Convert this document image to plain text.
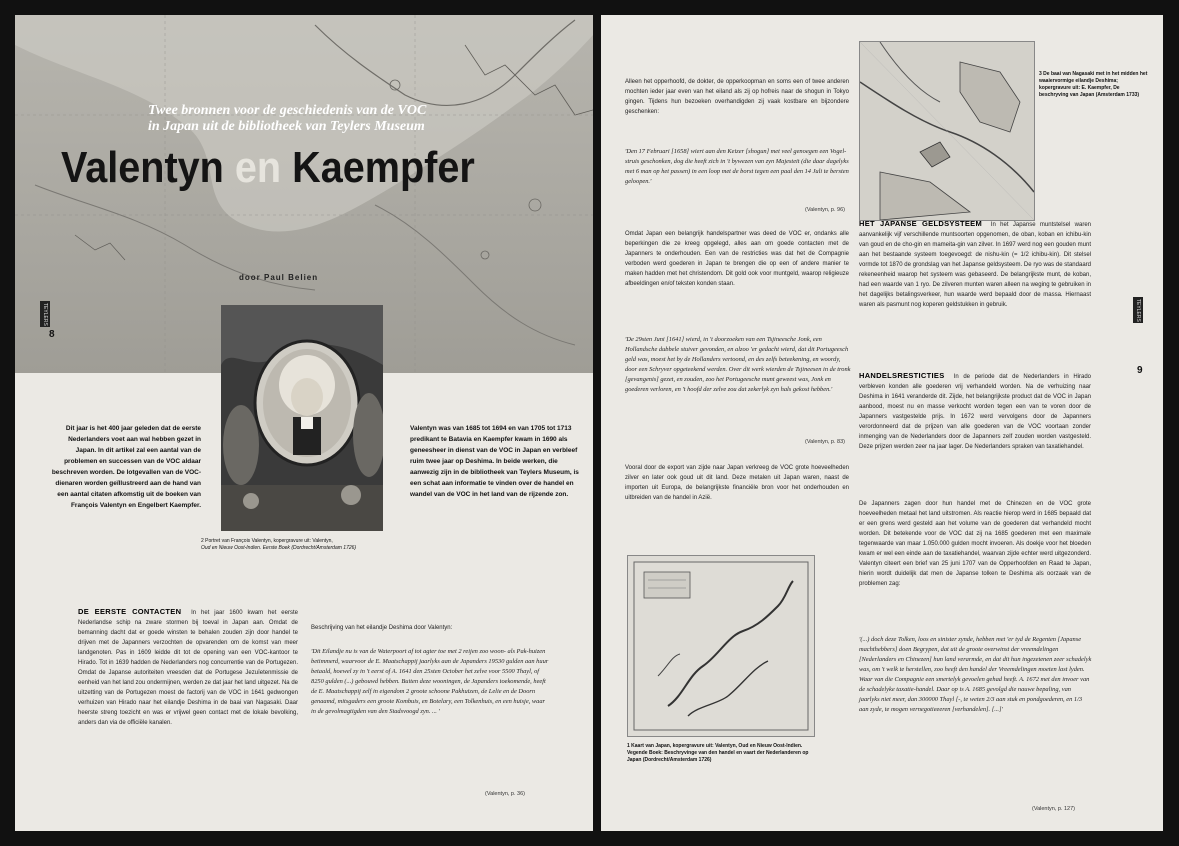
Twee bronnen voor de geschiedenis van de VOC
in Japan uit de bibliotheek van Teylers Museum
Valentyn en Kaempfer
door Paul Belien
TEYLERS
8
2 Portret van François Valentyn, kopergravure uit: Valentyn,
Oud en Nieuw Oost-Indien. Eerste Boek (Dordrecht/Amsterdam 1726)
Dit jaar is het 400 jaar geleden dat de eerste Nederlanders voet aan wal hebben gezet in Japan. In dit artikel zal een aantal van de problemen en successen van de VOC aldaar beschreven worden. De lotgevallen van de VOC-dienaren worden geïllustreerd aan de hand van een aantal citaten afkomstig uit de boeken van François Valentyn en Engelbert Kaempfer.
Valentyn was van 1685 tot 1694 en van 1705 tot 1713 predikant te Batavia en Kaempfer kwam in 1690 als geneesheer in dienst van de VOC in Japan en verbleef ruim twee jaar op Deshima. In beide werken, die aanwezig zijn in de bibliotheek van Teylers Museum, is een schat aan informatie te vinden over de handel en wandel van de VOC in het land van de rijzende zon.
DE EERSTE CONTACTEN In het jaar 1600 kwam het eerste Nederlandse schip na zware stormen bij toeval in Japan aan. Omdat de bemanning dacht dat er goede winsten te behalen zouden zijn door handel te drijven met de Japanners verzochten de opvarenden om de komst van meer landgenoten. Pas in 1609 leidde dit tot de opening van een VOC-kantoor te Hirado. Tot in 1639 hadden de Nederlanders nog concurrentie van de Portugezen. Omdat de Japanse autoriteiten vreesden dat de Portugese Jezuïetenmissie de eenheid van het land zou ondermijnen, werden ze dat jaar het land uitgezet. Na de uitzetting van de Portugezen moest de factorij van de VOC in 1641 gedwongen verhuizen van Hirado naar het eilandje Deshima in de baai van Nagasaki. Daar heerste streng toezicht en was er vrijwel geen contact met de lokale bevolking, anders dan via de officiële kanalen.
Beschrijving van het eilandje Deshima door Valentyn:
'Dit Eilandje nu is van de Waterpoort af tot agter toe met 2 reijen zoo woon- als Pak-huizen betimmerd, waarvoor de E. Maatschappij jaarlyks aan de Japanders 19530 gulden aan huur betaald, hoewel zy in 't eerst of A. 1641 den 25sten October het zelve voor 5500 Thayl, of 8250 gulden (...) gebouwd hebben. Buiten deze wooningen, de Japanders toekomende, heeft de E. Maatschappij zelf in eigendom 2 groote schoone Pakhuizen, de Lelie en de Doorn genaamd, mitsgaders een groote Kombuis, en Botelary, een Tolkenhuis, en een huisje, waar in de gevolmagtigden van den Stadsvoogd zyn. ... '
(Valentyn, p. 36)
Alleen het opperhoofd, de dokter, de opperkoopman en soms een of twee anderen mochten ieder jaar even van het eiland als zij op hofreis naar de shogun in Tokyo gingen. Tijdens hun bezoeken overhandigden zij vaak kostbare en bijzondere geschenken:
'Den 17 Februari [1658] wiert aan den Keizer [shogun] met veel genoegen een Vogel-struis geschonken, dog die heeft zich in 't bywezen van zyn Majesteit (die daar dagelyks met 6 man op het passen) in een loop met de borst tegen een paal den 14 Juli te bersten geloopen.'
(Valentyn, p. 96)
Omdat Japan een belangrijk handelspartner was deed de VOC er, ondanks alle beperkingen die ze kreeg opgelegd, alles aan om goede contacten met de Japanners te onderhouden. Een van de restricties was dat het de Compagnie verboden werd goederen in Japan te brengen die op een of andere manier te maken hadden met het christendom. Dit gold ook voor muntgeld, waarop religieuze afbeeldingen en/of teksten konden staan.
'De 29sten Juni [1641] wierd, in 't doorzoeken van een Tsjineesche Jonk, een Hollandsche dubbele stuiver gevonden, en alzoo 'er gedacht wierd, dat dit Portugeesch geld was, moest het by de Hollanders vertoond, en des zelfs beteekening, en woordy, door een Schryver opgeteekend werden. Over dit werk wierden de Tsjineesen in de tronk [gevangenis] gezet, en zouden, zoo het Portugeesche munt geweest was, Jonk en goederen verloren, en 't hoofd der zelve zou dat zekerlyk zyn hals gekost hebben.'
(Valentyn, p. 83)
Vooral door de export van zijde naar Japan verkreeg de VOC grote hoeveelheden zilver en later ook goud uit dit land. Deze metalen uit Japan waren, naast de importen uit Europa, de belangrijkste financiële bron voor het onderhouden en uitbreiden van de handel in Azië.
1 Kaart van Japan, kopergravure uit: Valentyn, Oud en Nieuw Oost-Indien. Vegende Boek: Beschryvinge van den handel en vaart der Nederlanderen op Japan (Dordrecht/Amsterdam 1726)
3 De baai van Nagasaki met in het midden het waaiervormige eilandje Deshima; kopergravure uit: E. Kaempfer, De beschryving van Japan (Amsterdam 1733)
TEYLERS
9
HET JAPANSE GELDSYSTEEM In het Japanse muntstelsel waren aanvankelijk vijf verschillende muntsoorten opgenomen, de oban, koban en ichibu-kin van goud en de cho-gin en mameita-gin van zilver. In 1697 werd nog een gouden munt aan het bestaande systeem toegevoegd: de nishu-kin (= 1/2 ichibu-kin). Dit stelsel vormde tot 1870 de grondslag van het Japanse geldsysteem. De ryo was de standaard rekeneenheid waarop het systeem was gebaseerd. De belangrijkste munt, de koban, had een waarde van 1 ryo. De zilveren munten waren alleen na weging te gebruiken in het dagelijks betalingsverkeer, hun waarde werd bepaald door de massa. Hiernaast waren als pasmunt nog koperen geldstukken in gebruik.
HANDELSRESTICTIES In de periode dat de Nederlanders in Hirado verbleven konden alle goederen vrij verhandeld worden. Na de verhuizing naar Deshima in 1641 veranderde dit. Zijde, het belangrijkste product dat de VOC in Japan aanbood, moest nu en masse verkocht worden tegen een van te voren door de Japanners vastgestelde prijs. In 1672 werd vervolgens door de Japanners verordonneerd dat de prijzen van alle goederen van de VOC voortaan zonder inmenging van de Nederlanders door de Japanners zelf zouden worden vastgesteld. Deze prijzen werden zeer na jaar lager. De Nederlanders spraken van taxatiehandel.
De Japanners zagen door hun handel met de Chinezen en de VOC grote hoeveelheden metaal het land uitstromen. Als reactie hierop werd in 1685 bepaald dat er een grens werd gesteld aan het volume van de goederen dat verhandeld mocht worden. Dit betekende voor de VOC dat zij na 1685 goederen met een maximale tegenwaarde van maar 1.050.000 gulden mocht invoeren. Als doekje voor het bloeden kwam er wel een einde aan de taxatiehandel, waarvan zijde echter werd uitgezonderd. Valentyn citeert een brief van 25 juni 1707 van de Opperhoofden en Raad te Japan, hierin wordt duidelijk dat men de Japanse tolken te Deshima als oorzaak van de problemen zag:
'(...) doch deze Tolken, loos en sinister zynde, hebben met 'er tyd de Regenten [Japanse machthebbers] doen Begrypen, dat uit de groote overwinst der vreemdelingen [Nederlanders en Chinezen] hun land verarmde, en dat dit hun ingezetenen zeer schadelyk was, om 't welk te herstellen, zoo heeft den handel der Vreemdelingen moeten last lyden. Waar van die Compagnie een smertelyk gevoelen gehad heeft. A. 1672 met den invoer van de schadelyke taxatie-handel. Daar op is A. 1685 gevolgd die nauwe bepaling, van jaarlyks niet meer, dan 300000 Thayl [-, te weten 2/3 aan stuk en pondgoederen, en 1/3 aan zyde, te mogen vernegotieeeren [verhandelen]. [...]'
(Valentyn, p. 127)
